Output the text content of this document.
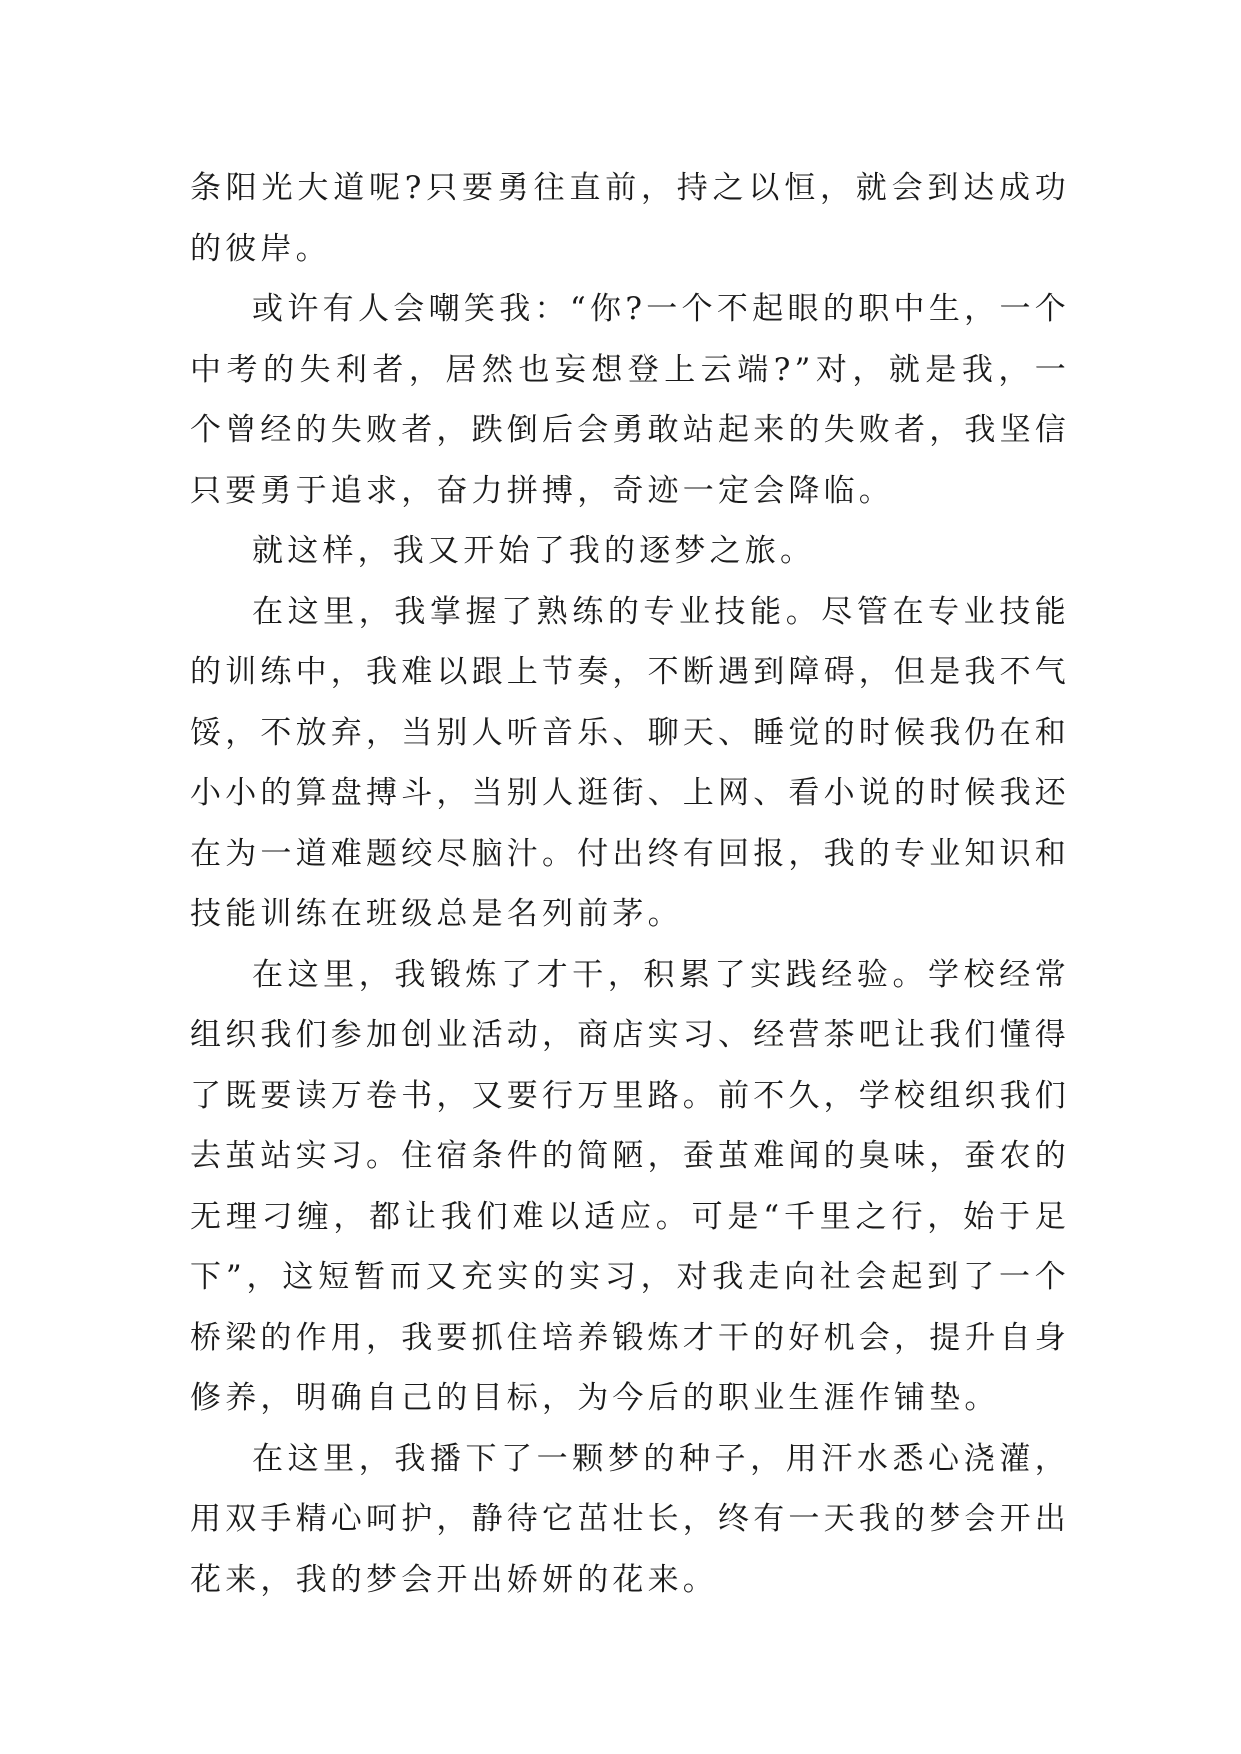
条阳光大道呢?只要勇往直前，持之以恒，就会到达成功的彼岸。

或许有人会嘲笑我：“你?一个不起眼的职中生，一个中考的失利者，居然也妄想登上云端?”对，就是我，一个曾经的失败者，跌倒后会勇敢站起来的失败者，我坚信只要勇于追求，奋力拼搏，奇迹一定会降临。

就这样，我又开始了我的逐梦之旅。

在这里，我掌握了熟练的专业技能。尽管在专业技能的训练中，我难以跟上节奏，不断遇到障碍，但是我不气馁，不放弃，当别人听音乐、聊天、睡觉的时候我仍在和小小的算盘搏斗，当别人逛街、上网、看小说的时候我还在为一道难题绞尽脑汁。付出终有回报，我的专业知识和技能训练在班级总是名列前茅。

在这里，我锻炼了才干，积累了实践经验。学校经常组织我们参加创业活动，商店实习、经营茶吧让我们懂得了既要读万卷书，又要行万里路。前不久，学校组织我们去茧站实习。住宿条件的简陋，蚕茧难闻的臭味，蚕农的无理刁缠，都让我们难以适应。可是“千里之行，始于足下”，这短暂而又充实的实习，对我走向社会起到了一个桥梁的作用，我要抓住培养锻炼才干的好机会，提升自身修养，明确自己的目标，为今后的职业生涯作铺垫。

在这里，我播下了一颗梦的种子，用汗水悉心浇灌，用双手精心呵护，静待它茁壮长，终有一天我的梦会开出花来，我的梦会开出娇妍的花来。
